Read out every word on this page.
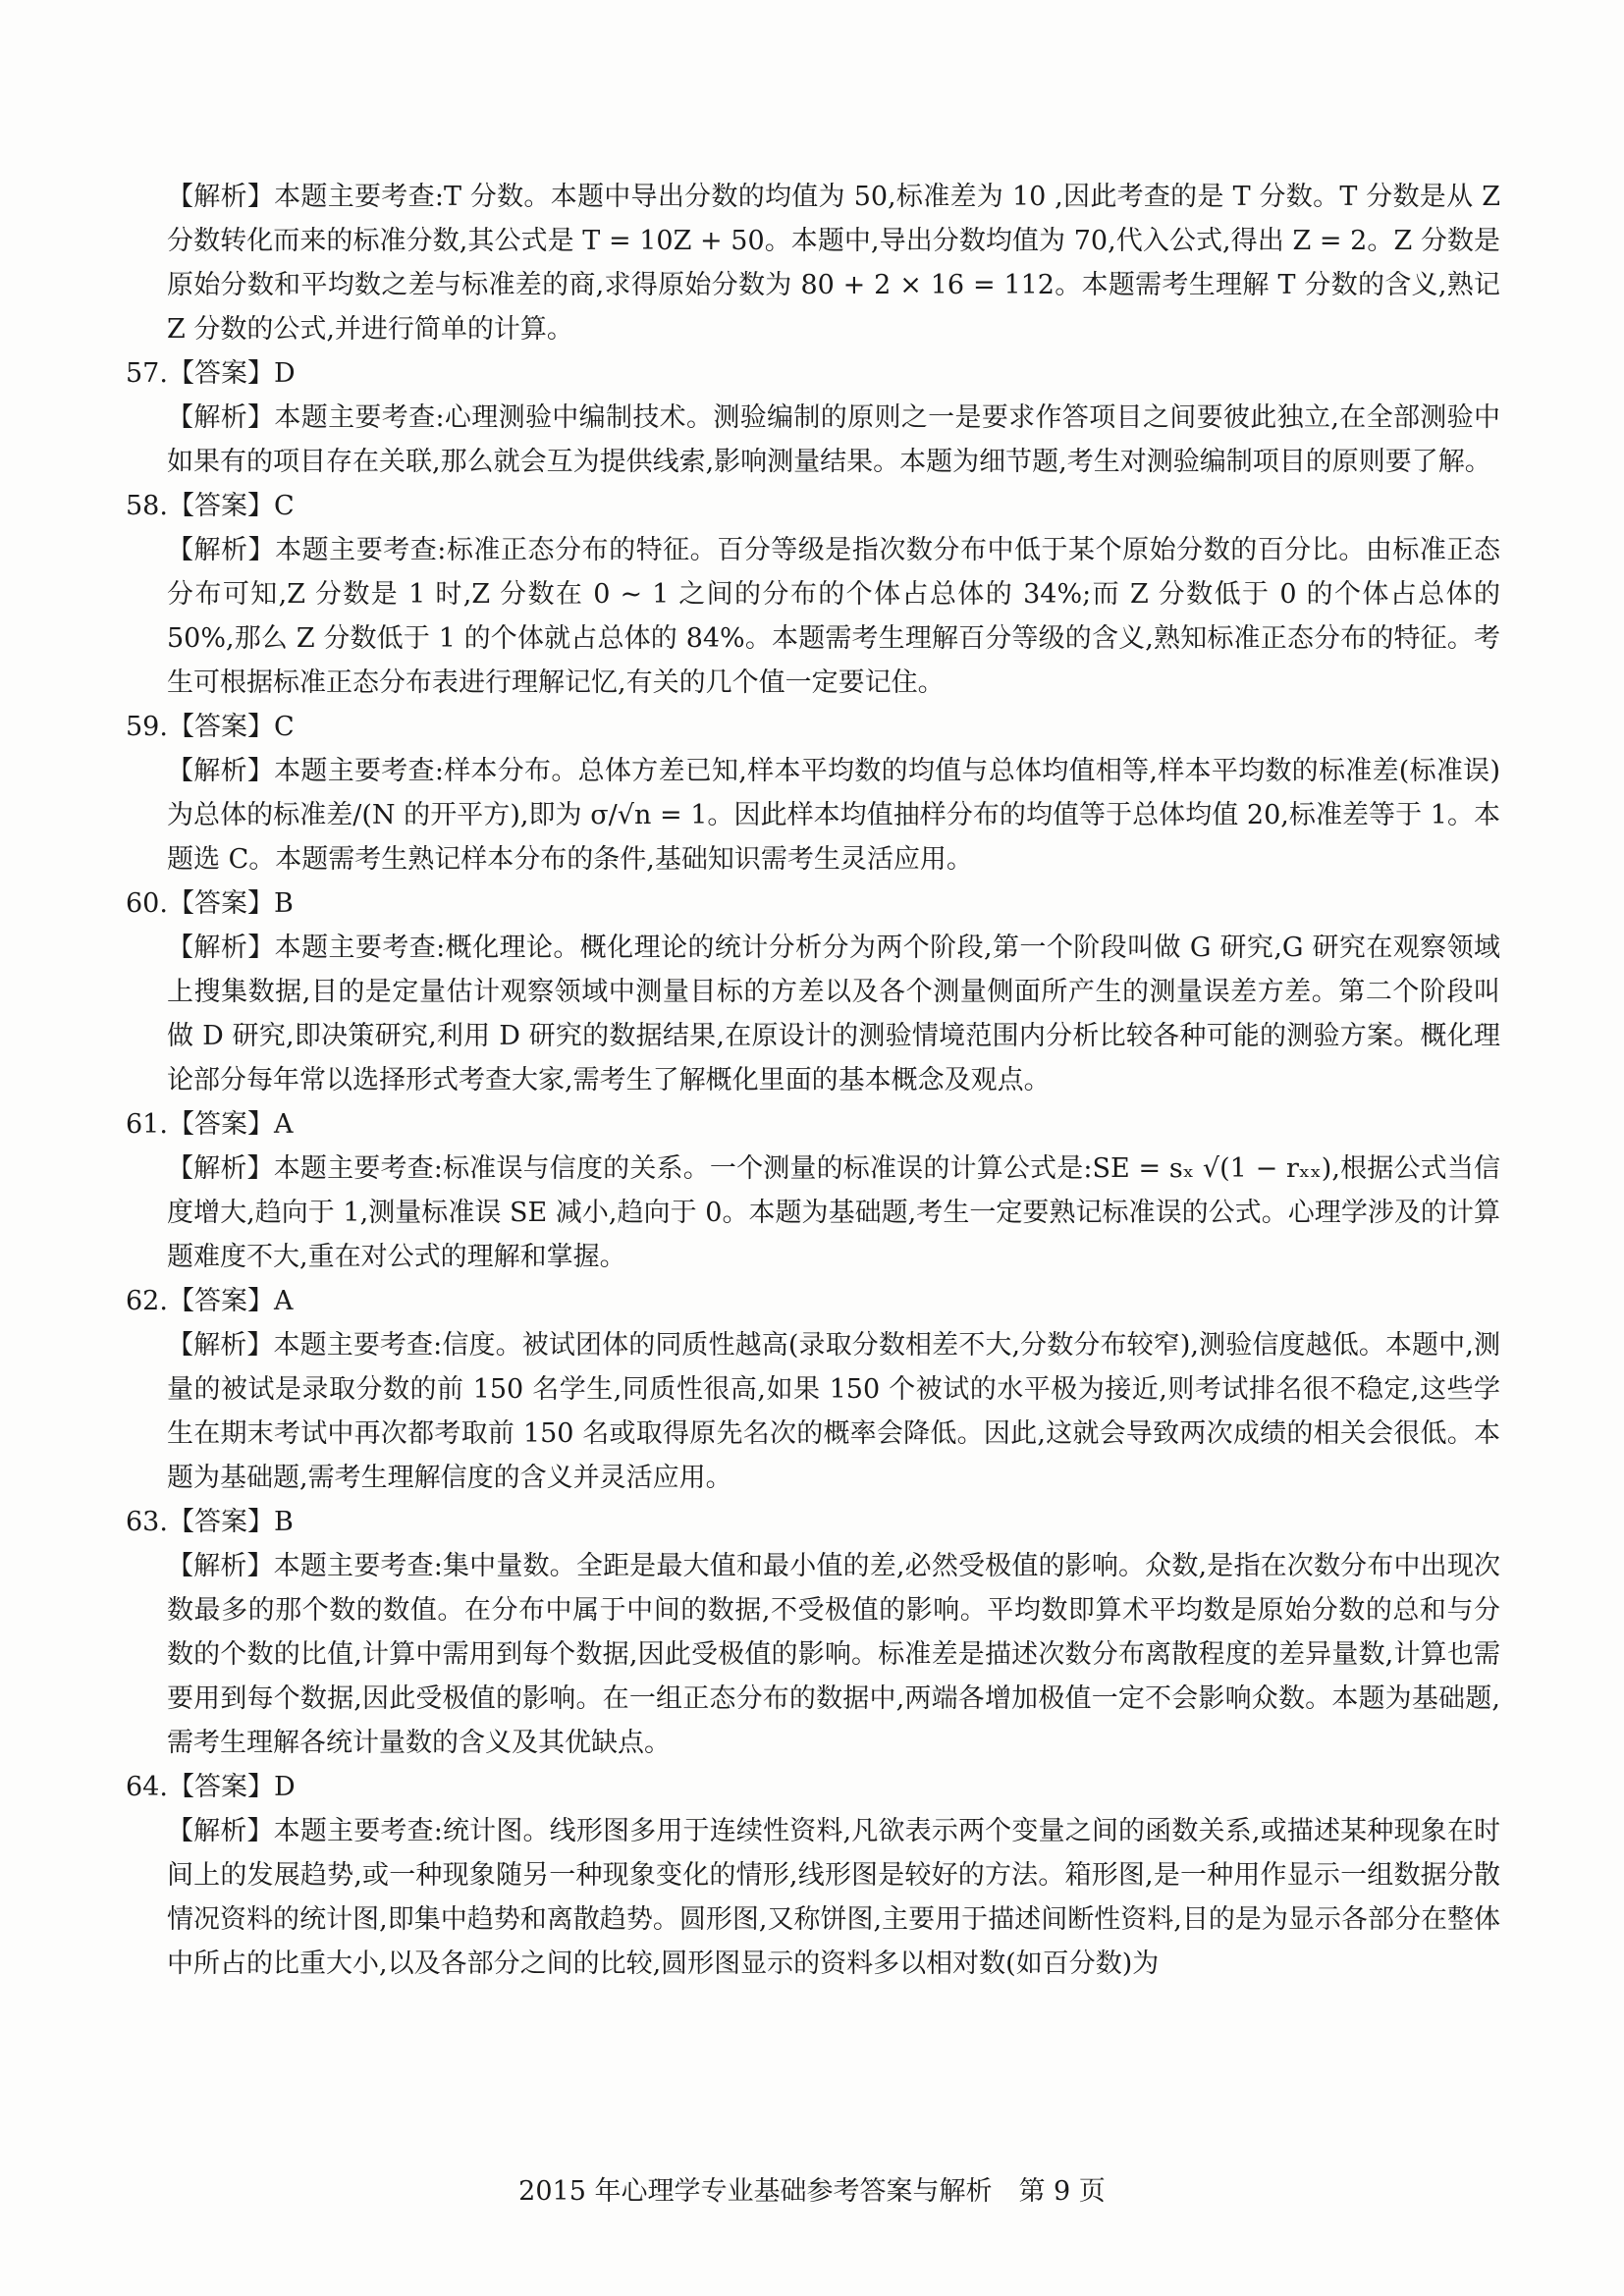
【解析】本题主要考查:T 分数。本题中导出分数的均值为 50,标准差为 10 ,因此考查的是 T 分数。T 分数是从 Z 分数转化而来的标准分数,其公式是 T = 10Z + 50。本题中,导出分数均值为 70,代入公式,得出 Z = 2。Z 分数是原始分数和平均数之差与标准差的商,求得原始分数为 80 + 2 × 16 = 112。本题需考生理解 T 分数的含义,熟记 Z 分数的公式,并进行简单的计算。

57.【答案】D

【解析】本题主要考查:心理测验中编制技术。测验编制的原则之一是要求作答项目之间要彼此独立,在全部测验中如果有的项目存在关联,那么就会互为提供线索,影响测量结果。本题为细节题,考生对测验编制项目的原则要了解。

58.【答案】C

【解析】本题主要考查:标准正态分布的特征。百分等级是指次数分布中低于某个原始分数的百分比。由标准正态分布可知,Z 分数是 1 时,Z 分数在 0 ~ 1 之间的分布的个体占总体的 34%;而 Z 分数低于 0 的个体占总体的 50%,那么 Z 分数低于 1 的个体就占总体的 84%。本题需考生理解百分等级的含义,熟知标准正态分布的特征。考生可根据标准正态分布表进行理解记忆,有关的几个值一定要记住。

59.【答案】C

【解析】本题主要考查:样本分布。总体方差已知,样本平均数的均值与总体均值相等,样本平均数的标准差(标准误)为总体的标准差/(N 的开平方),即为 σ/√n = 1。因此样本均值抽样分布的均值等于总体均值 20,标准差等于 1。本题选 C。本题需考生熟记样本分布的条件,基础知识需考生灵活应用。

60.【答案】B

【解析】本题主要考查:概化理论。概化理论的统计分析分为两个阶段,第一个阶段叫做 G 研究,G 研究在观察领域上搜集数据,目的是定量估计观察领域中测量目标的方差以及各个测量侧面所产生的测量误差方差。第二个阶段叫做 D 研究,即决策研究,利用 D 研究的数据结果,在原设计的测验情境范围内分析比较各种可能的测验方案。概化理论部分每年常以选择形式考查大家,需考生了解概化里面的基本概念及观点。

61.【答案】A

【解析】本题主要考查:标准误与信度的关系。一个测量的标准误的计算公式是:SE = sₓ √(1 − rₓₓ),根据公式当信度增大,趋向于 1,测量标准误 SE 减小,趋向于 0。本题为基础题,考生一定要熟记标准误的公式。心理学涉及的计算题难度不大,重在对公式的理解和掌握。

62.【答案】A

【解析】本题主要考查:信度。被试团体的同质性越高(录取分数相差不大,分数分布较窄),测验信度越低。本题中,测量的被试是录取分数的前 150 名学生,同质性很高,如果 150 个被试的水平极为接近,则考试排名很不稳定,这些学生在期末考试中再次都考取前 150 名或取得原先名次的概率会降低。因此,这就会导致两次成绩的相关会很低。本题为基础题,需考生理解信度的含义并灵活应用。

63.【答案】B

【解析】本题主要考查:集中量数。全距是最大值和最小值的差,必然受极值的影响。众数,是指在次数分布中出现次数最多的那个数的数值。在分布中属于中间的数据,不受极值的影响。平均数即算术平均数是原始分数的总和与分数的个数的比值,计算中需用到每个数据,因此受极值的影响。标准差是描述次数分布离散程度的差异量数,计算也需要用到每个数据,因此受极值的影响。在一组正态分布的数据中,两端各增加极值一定不会影响众数。本题为基础题,需考生理解各统计量数的含义及其优缺点。

64.【答案】D

【解析】本题主要考查:统计图。线形图多用于连续性资料,凡欲表示两个变量之间的函数关系,或描述某种现象在时间上的发展趋势,或一种现象随另一种现象变化的情形,线形图是较好的方法。箱形图,是一种用作显示一组数据分散情况资料的统计图,即集中趋势和离散趋势。圆形图,又称饼图,主要用于描述间断性资料,目的是为显示各部分在整体中所占的比重大小,以及各部分之间的比较,圆形图显示的资料多以相对数(如百分数)为

2015 年心理学专业基础参考答案与解析　第 9 页
